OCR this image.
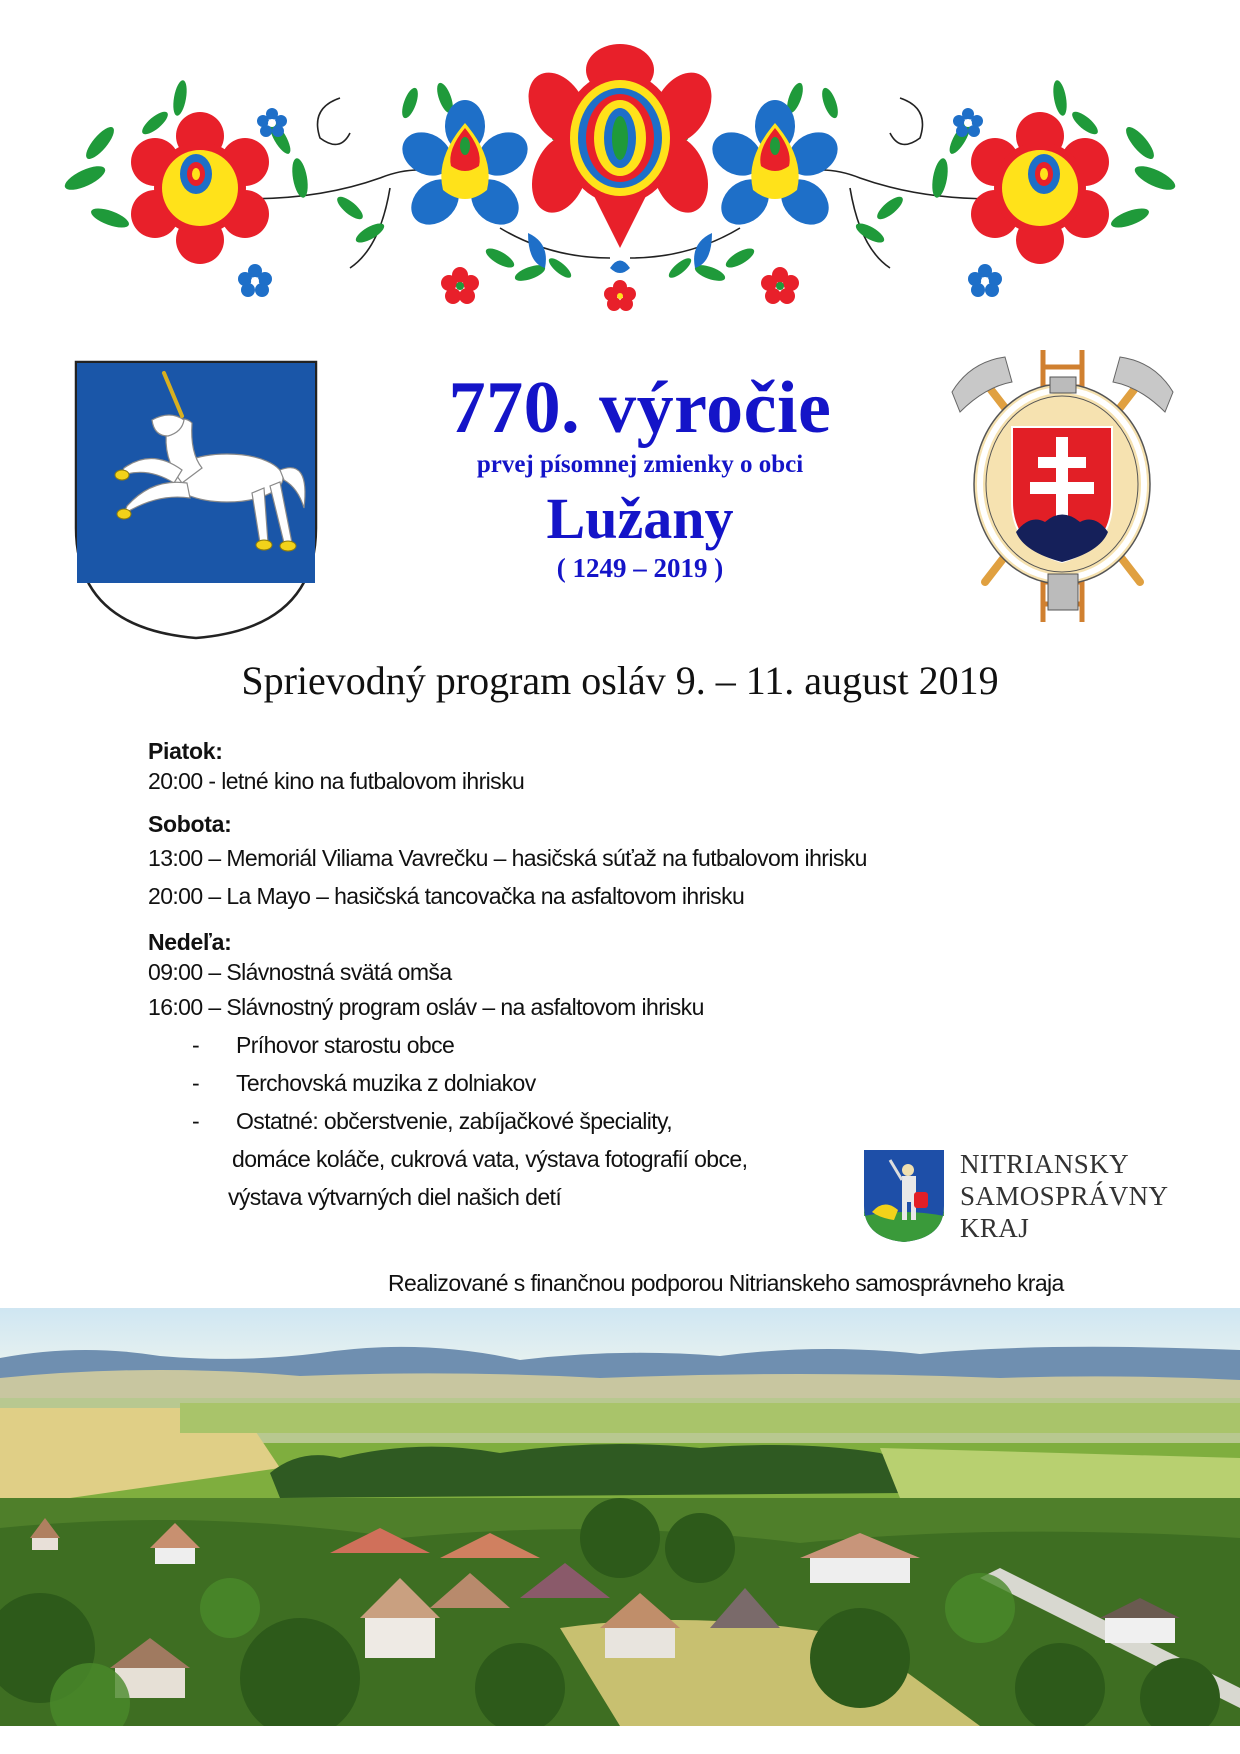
770. výročie
prvej písomnej zmienky o obci
Lužany
( 1249 – 2019 )
Sprievodný program osláv 9. – 11. august 2019
Piatok:
20:00 - letné kino na futbalovom ihrisku
Sobota:
13:00 – Memoriál Viliama Vavrečku – hasičská súťaž na futbalovom ihrisku
20:00 – La Mayo – hasičská tancovačka na asfaltovom ihrisku
Nedeľa:
09:00 – Slávnostná svätá omša
16:00 – Slávnostný program osláv – na asfaltovom ihrisku
-	Príhovor starostu obce
-	Terchovská muzika z dolniakov
-	Ostatné: občerstvenie, zabíjačkové špeciality,
domáce koláče, cukrová vata, výstava fotografií obce,
výstava výtvarných diel našich detí
NITRIANSKY
SAMOSPRÁVNY
KRAJ
Realizované s finančnou podporou Nitrianskeho samosprávneho kraja
